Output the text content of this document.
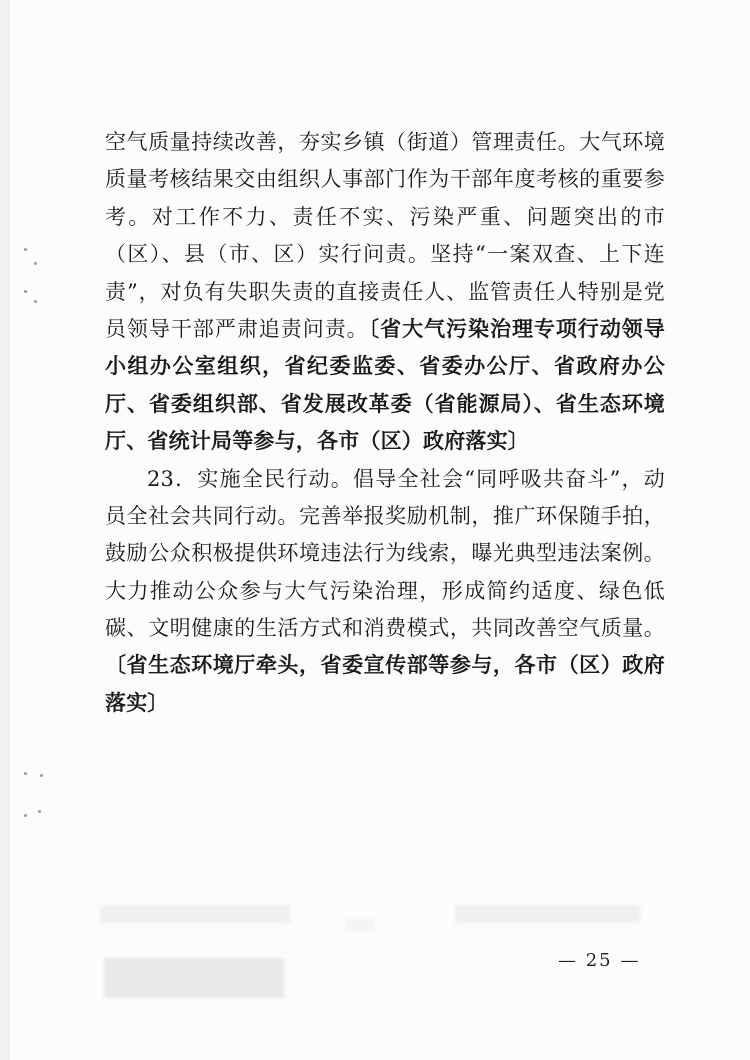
空气质量持续改善，夯实乡镇（街道）管理责任。大气环境
质量考核结果交由组织人事部门作为干部年度考核的重要参
考。对工作不力、责任不实、污染严重、问题突出的市
（区）、县（市、区）实行问责。坚持“一案双查、上下连
责”，对负有失职失责的直接责任人、监管责任人特别是党
员领导干部严肃追责问责。〔省大气污染治理专项行动领导
小组办公室组织，省纪委监委、省委办公厅、省政府办公
厅、省委组织部、省发展改革委（省能源局）、省生态环境
厅、省统计局等参与，各市（区）政府落实〕
23．实施全民行动。倡导全社会“同呼吸共奋斗”，动
员全社会共同行动。完善举报奖励机制，推广环保随手拍，
鼓励公众积极提供环境违法行为线索，曝光典型违法案例。
大力推动公众参与大气污染治理，形成简约适度、绿色低
碳、文明健康的生活方式和消费模式，共同改善空气质量。
〔省生态环境厅牵头，省委宣传部等参与，各市（区）政府
落实〕
— 25 —
